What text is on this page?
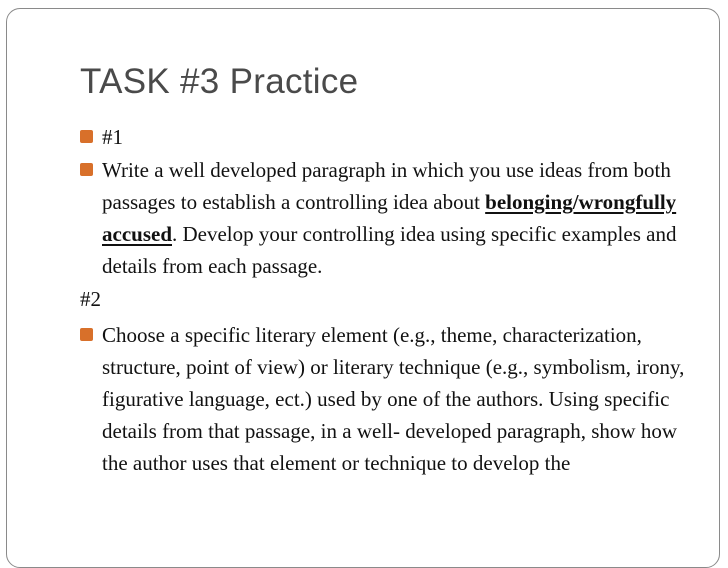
TASK #3 Practice
#1
Write a well developed paragraph in which you use ideas from both passages to establish a controlling idea about belonging/wrongfully accused. Develop your controlling idea using specific examples and details from each passage.
#2
Choose a specific literary element (e.g., theme, characterization, structure, point of view) or literary technique (e.g., symbolism, irony, figurative language, ect.) used by one of the authors. Using specific details from that passage, in a well- developed paragraph, show how the author uses that element or technique to develop the
